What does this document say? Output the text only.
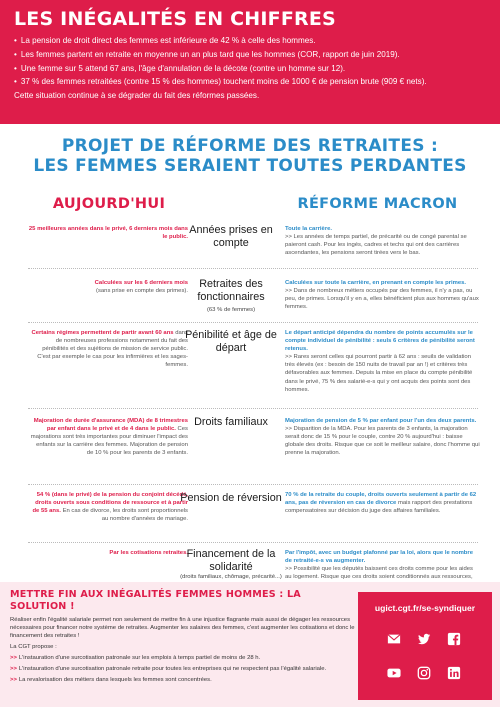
LES INÉGALITÉS EN CHIFFRES
• La pension de droit direct des femmes est inférieure de 42 % à celle des hommes.
• Les femmes partent en retraite en moyenne un an plus tard que les hommes (COR, rapport de juin 2019).
• Une femme sur 5 attend 67 ans, l'âge d'annulation de la décote (contre un homme sur 12).
• 37 % des femmes retraitées (contre 15 % des hommes) touchent moins de 1000 € de pension brute (909 € nets).

Cette situation continue à se dégrader du fait des réformes passées.

PROJET DE RÉFORME DES RETRAITES :
LES FEMMES SERAIENT TOUTES PERDANTES
AUJOURD'HUI	RÉFORME MACRON
25 meilleures années dans le privé, 6 derniers mois dans le public.
Années prises en compte
Toute la carrière.
>> Les années de temps partiel, de précarité ou de congé parental se paieront cash. Pour les ingés, cadres et techs qui ont des carrières ascendantes, les pensions seront tirées vers le bas.
Calculées sur les 6 derniers mois
(sans prise en compte des primes).
Retraites des fonctionnaires
(63 % de femmes)
Calculées sur toute la carrière, en prenant en compte les primes.
>> Dans de nombreux métiers occupés par des femmes, il n'y a pas, ou peu, de primes. Lorsqu'il y en a, elles bénéficient plus aux hommes qu'aux femmes.
Certains régimes permettent de partir avant 60 ans dans de nombreuses professions notamment du fait des pénibilités et des sujétions de mission de service public. C'est par exemple le cas pour les infirmières et les sages-femmes.
Pénibilité et âge de départ
Le départ anticipé dépendra du nombre de points accumulés sur le compte individuel de pénibilité : seuls 6 critères de pénibilité seront retenus.
>> Rares seront celles qui pourront partir à 62 ans : seuils de validation très élevés (ex : besoin de 150 nuits de travail par an !) et critères très défavorables aux femmes. Depuis la mise en place du compte pénibilité dans le privé, 75 % des salarié-e-s qui y ont acquis des points sont des hommes.
Majoration de durée d'assurance (MDA) de 8 trimestres par enfant dans le privé et de 4 dans le public. Ces majorations sont très importantes pour diminuer l'impact des enfants sur la carrière des femmes. Majoration de pension de 10 % pour les parents de 3 enfants.
Droits familiaux	Majoration de pension de 5 % par enfant pour l'un des deux parents.
>> Disparition de la MDA. Pour les parents de 3 enfants, la majoration serait donc de 15 % pour le couple, contre 20 % aujourd'hui : baisse globale des droits. Risque que ce soit le meilleur salaire, donc l'homme qui prenne la majoration.
54 % (dans le privé) de la pension du conjoint décédé, droits ouverts sous conditions de ressource et à partir de 55 ans. En cas de divorce, les droits sont proportionnels au nombre d'années de mariage.
Pension de réversion 70 % de la retraite du couple, droits ouverts seulement à partir de 62 ans, pas de réversion en cas de divorce mais rapport des prestations compensatoires sur décision du juge des affaires familiales.
Par les cotisations retraites.
Financement de la solidarité
(droits familiaux, chômage, précarité...)
Par l'impôt, avec un budget plafonné par la loi, alors que le nombre de retraité-e-s va augmenter.
>> Possibilité que les députés baissent ces droits comme pour les aides au logement. Risque que ces droits soient conditionnés aux ressources,
METTRE FIN AUX INÉGALITÉS FEMMES HOMMES : LA SOLUTION !

Réaliser enfin l'égalité salariale permet non seulement de mettre fin à une injustice flagrante mais aussi de dégager les ressources nécessaires pour financer notre système de retraites. Augmenter les salaires des femmes, c'est augmenter les cotisations et donc le financement des retraites !

La CGT propose :

>> L'instauration d'une surcotisation patronale sur les emplois à temps partiel de moins de 28 h.
>> L'instauration d'une surcotisation patronale retraite pour toutes les entreprises qui ne respectent pas l'égalité salariale.
>> La revalorisation des métiers dans lesquels les femmes sont concentrées.
ugict.cgt.fr/se-syndiquer
